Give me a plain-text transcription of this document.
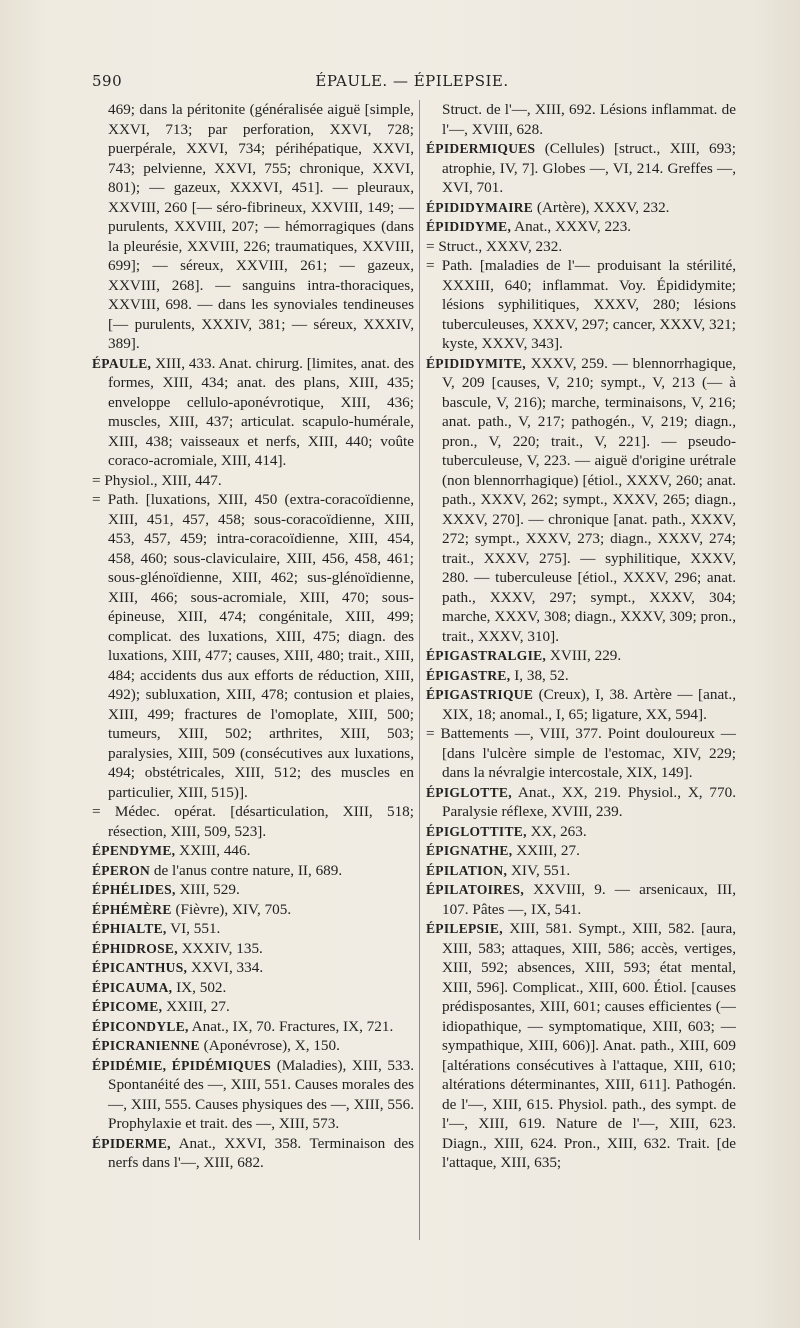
590	ÉPAULE. — ÉPILEPSIE.
469; dans la péritonite (généralisée aiguë [simple, XXVI, 713; par perforation, XXVI, 728; puerpérale, XXVI, 734; périhépatique, XXVI, 743; pelvienne, XXVI, 755; chronique, XXVI, 801); — gazeux, XXXVI, 451]. — pleuraux, XXVIII, 260 [— séro-fibrineux, XXVIII, 149; — purulents, XXVIII, 207; — hémorragiques (dans la pleurésie, XXVIII, 226; traumatiques, XXVIII, 699]; — séreux, XXVIII, 261; — gazeux, XXVIII, 268]. — sanguins intra-thoraciques, XXVIII, 698. — dans les synoviales tendineuses [— purulents, XXXIV, 381; — séreux, XXXIV, 389].
ÉPAULE, XIII, 433. Anat. chirurg. [limites, anat. des formes, XIII, 434; anat. des plans, XIII, 435; enveloppe cellulo-aponévrotique, XIII, 436; muscles, XIII, 437; articulat. scapulo-humérale, XIII, 438; vaisseaux et nerfs, XIII, 440; voûte coraco-acromiale, XIII, 414].
= Physiol., XIII, 447.
= Path. [luxations, XIII, 450 (extra-coracoïdienne, XIII, 451, 457, 458; sous-coracoïdienne, XIII, 453, 457, 459; intra-coracoïdienne, XIII, 454, 458, 460; sous-claviculaire, XIII, 456, 458, 461; sous-glénoïdienne, XIII, 462; sus-glénoïdienne, XIII, 466; sous-acromiale, XIII, 470; sous-épineuse, XIII, 474; congénitale, XIII, 499; complicat. des luxations, XIII, 475; diagn. des luxations, XIII, 477; causes, XIII, 480; trait., XIII, 484; accidents dus aux efforts de réduction, XIII, 492); subluxation, XIII, 478; contusion et plaies, XIII, 499; fractures de l'omoplate, XIII, 500; tumeurs, XIII, 502; arthrites, XIII, 503; paralysies, XIII, 509 (consécutives aux luxations, 494; obstétricales, XIII, 512; des muscles en particulier, XIII, 515)].
= Médec. opérat. [désarticulation, XIII, 518; résection, XIII, 509, 523].
ÉPENDYME, XXIII, 446.
ÉPERON de l'anus contre nature, II, 689.
ÉPHÉLIDES, XIII, 529.
ÉPHÉMÈRE (Fièvre), XIV, 705.
ÉPHIALTE, VI, 551.
ÉPHIDROSE, XXXIV, 135.
ÉPICANTHUS, XXVI, 334.
ÉPICAUMA, IX, 502.
ÉPICOME, XXIII, 27.
ÉPICONDYLE, Anat., IX, 70. Fractures, IX, 721.
ÉPICRANIENNE (Aponévrose), X, 150.
ÉPIDÉMIE, ÉPIDÉMIQUES (Maladies), XIII, 533. Spontanéité des —, XIII, 551. Causes morales des —, XIII, 555. Causes physiques des —, XIII, 556. Prophylaxie et trait. des —, XIII, 573.
ÉPIDERME, Anat., XXVI, 358. Terminaison des nerfs dans l'—, XIII, 682.
Struct. de l'—, XIII, 692. Lésions inflammat. de l'—, XVIII, 628.
ÉPIDERMIQUES (Cellules) [struct., XIII, 693; atrophie, IV, 7]. Globes —, VI, 214. Greffes —, XVI, 701.
ÉPIDIDYMAIRE (Artère), XXXV, 232.
ÉPIDIDYME, Anat., XXXV, 223.
= Struct., XXXV, 232.
= Path. [maladies de l'— produisant la stérilité, XXXIII, 640; inflammat. Voy. Épididymite; lésions syphilitiques, XXXV, 280; lésions tuberculeuses, XXXV, 297; cancer, XXXV, 321; kyste, XXXV, 343].
ÉPIDIDYMITE, XXXV, 259. — blennorrhagique, V, 209 [causes, V, 210; sympt., V, 213 (— à bascule, V, 216); marche, terminaisons, V, 216; anat. path., V, 217; pathogén., V, 219; diagn., pron., V, 220; trait., V, 221]. — pseudo-tuberculeuse, V, 223. — aiguë d'origine urétrale (non blennorrhagique) [étiol., XXXV, 260; anat. path., XXXV, 262; sympt., XXXV, 265; diagn., XXXV, 270]. — chronique [anat. path., XXXV, 272; sympt., XXXV, 273; diagn., XXXV, 274; trait., XXXV, 275]. — syphilitique, XXXV, 280. — tuberculeuse [étiol., XXXV, 296; anat. path., XXXV, 297; sympt., XXXV, 304; marche, XXXV, 308; diagn., XXXV, 309; pron., trait., XXXV, 310].
ÉPIGASTRALGIE, XVIII, 229.
ÉPIGASTRE, I, 38, 52.
ÉPIGASTRIQUE (Creux), I, 38. Artère — [anat., XIX, 18; anomal., I, 65; ligature, XX, 594].
= Battements —, VIII, 377. Point douloureux — [dans l'ulcère simple de l'estomac, XIV, 229; dans la névralgie intercostale, XIX, 149].
ÉPIGLOTTE, Anat., XX, 219. Physiol., X, 770. Paralysie réflexe, XVIII, 239.
ÉPIGLOTTITE, XX, 263.
ÉPIGNATHE, XXIII, 27.
ÉPILATION, XIV, 551.
ÉPILATOIRES, XXVIII, 9. — arsenicaux, III, 107. Pâtes —, IX, 541.
ÉPILEPSIE, XIII, 581. Sympt., XIII, 582. [aura, XIII, 583; attaques, XIII, 586; accès, vertiges, XIII, 592; absences, XIII, 593; état mental, XIII, 596]. Complicat., XIII, 600. Étiol. [causes prédisposantes, XIII, 601; causes efficientes (— idiopathique, — symptomatique, XIII, 603; — sympathique, XIII, 606)]. Anat. path., XIII, 609 [altérations consécutives à l'attaque, XIII, 610; altérations déterminantes, XIII, 611]. Pathogén. de l'—, XIII, 615. Physiol. path., des sympt. de l'—, XIII, 619. Nature de l'—, XIII, 623. Diagn., XIII, 624. Pron., XIII, 632. Trait. [de l'attaque, XIII, 635;
